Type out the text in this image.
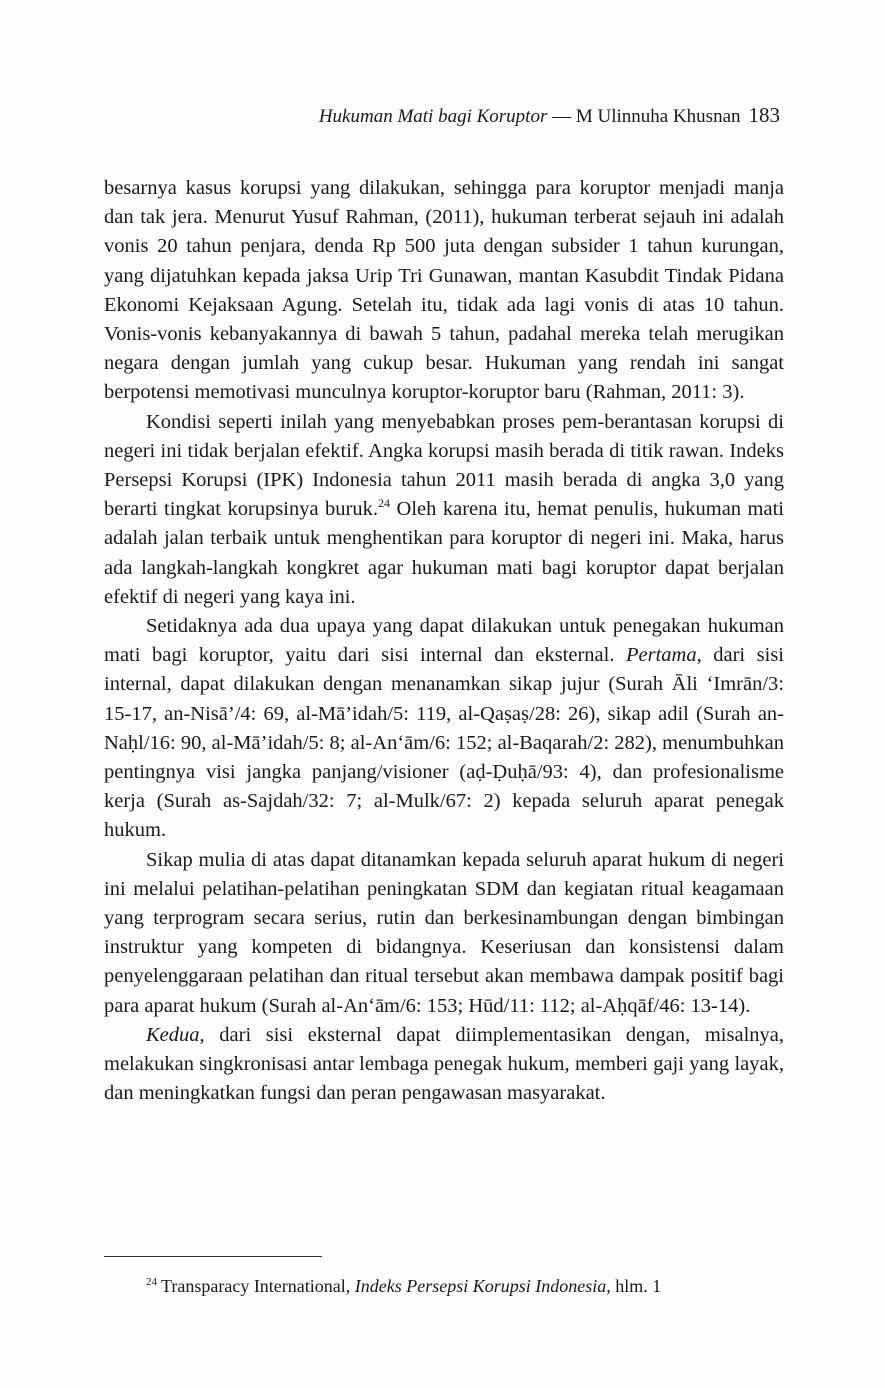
Hukuman Mati bagi Koruptor — M Ulinnuha Khusnan 183

besarnya kasus korupsi yang dilakukan, sehingga para koruptor menjadi manja dan tak jera. Menurut Yusuf Rahman, (2011), hukuman terberat sejauh ini adalah vonis 20 tahun penjara, denda Rp 500 juta dengan subsider 1 tahun kurungan, yang dijatuhkan kepada jaksa Urip Tri Gunawan, mantan Kasubdit Tindak Pidana Ekonomi Kejaksaan Agung. Setelah itu, tidak ada lagi vonis di atas 10 tahun. Vonis-vonis kebanyakannya di bawah 5 tahun, padahal mereka telah merugikan negara dengan jumlah yang cukup besar. Hukuman yang rendah ini sangat berpotensi memotivasi munculnya koruptor-koruptor baru (Rahman, 2011: 3).

Kondisi seperti inilah yang menyebabkan proses pem-berantasan korupsi di negeri ini tidak berjalan efektif. Angka korupsi masih berada di titik rawan. Indeks Persepsi Korupsi (IPK) Indonesia tahun 2011 masih berada di angka 3,0 yang berarti tingkat korupsinya buruk.$^{24}$ Oleh karena itu, hemat penulis, hukuman mati adalah jalan terbaik untuk menghentikan para koruptor di negeri ini. Maka, harus ada langkah-langkah kongkret agar hukuman mati bagi koruptor dapat berjalan efektif di negeri yang kaya ini.

Setidaknya ada dua upaya yang dapat dilakukan untuk penegakan hukuman mati bagi koruptor, yaitu dari sisi internal dan eksternal. Pertama, dari sisi internal, dapat dilakukan dengan menanamkan sikap jujur (Surah Āli ‘Imrān/3: 15-17, an-Nisā’/4: 69, al-Mā’idah/5: 119, al-Qaṣaṣ/28: 26), sikap adil (Surah an-Naḥl/16: 90, al-Mā’idah/5: 8; al-An‘ām/6: 152; al-Baqarah/2: 282), menumbuhkan pentingnya visi jangka panjang/visioner (aḍ-Ḍuḥā/93: 4), dan profesionalisme kerja (Surah as-Sajdah/32: 7; al-Mulk/67: 2) kepada seluruh aparat penegak hukum.

Sikap mulia di atas dapat ditanamkan kepada seluruh aparat hukum di negeri ini melalui pelatihan-pelatihan peningkatan SDM dan kegiatan ritual keagamaan yang terprogram secara serius, rutin dan berkesinambungan dengan bimbingan instruktur yang kompeten di bidangnya. Keseriusan dan konsistensi dalam penyelenggaraan pelatihan dan ritual tersebut akan membawa dampak positif bagi para aparat hukum (Surah al-An‘ām/6: 153; Hūd/11: 112; al-Aḥqāf/46: 13-14).

Kedua, dari sisi eksternal dapat diimplementasikan dengan, misalnya, melakukan singkronisasi antar lembaga penegak hukum, memberi gaji yang layak, dan meningkatkan fungsi dan peran pengawasan masyarakat.

$^{24}$ Transparacy International, Indeks Persepsi Korupsi Indonesia, hlm. 1
